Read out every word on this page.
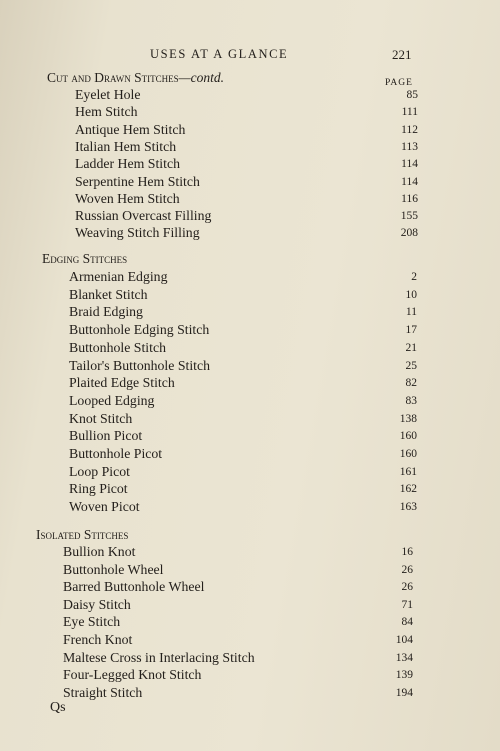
USES AT A GLANCE	221
PAGE
Cut and Drawn Stitches—contd.
Eyelet Hole	85
Hem Stitch	111
Antique Hem Stitch	112
Italian Hem Stitch	113
Ladder Hem Stitch	114
Serpentine Hem Stitch	114
Woven Hem Stitch	116
Russian Overcast Filling	155
Weaving Stitch Filling	208
Edging Stitches
Armenian Edging	2
Blanket Stitch	10
Braid Edging	11
Buttonhole Edging Stitch	17
Buttonhole Stitch	21
Tailor's Buttonhole Stitch	25
Plaited Edge Stitch	82
Looped Edging	83
Knot Stitch	138
Bullion Picot	160
Buttonhole Picot	160
Loop Picot	161
Ring Picot	162
Woven Picot	163
Isolated Stitches
Bullion Knot	16
Buttonhole Wheel	26
Barred Buttonhole Wheel	26
Daisy Stitch	71
Eye Stitch	84
French Knot	104
Maltese Cross in Interlacing Stitch	134
Four-Legged Knot Stitch	139
Straight Stitch	194
Qs
